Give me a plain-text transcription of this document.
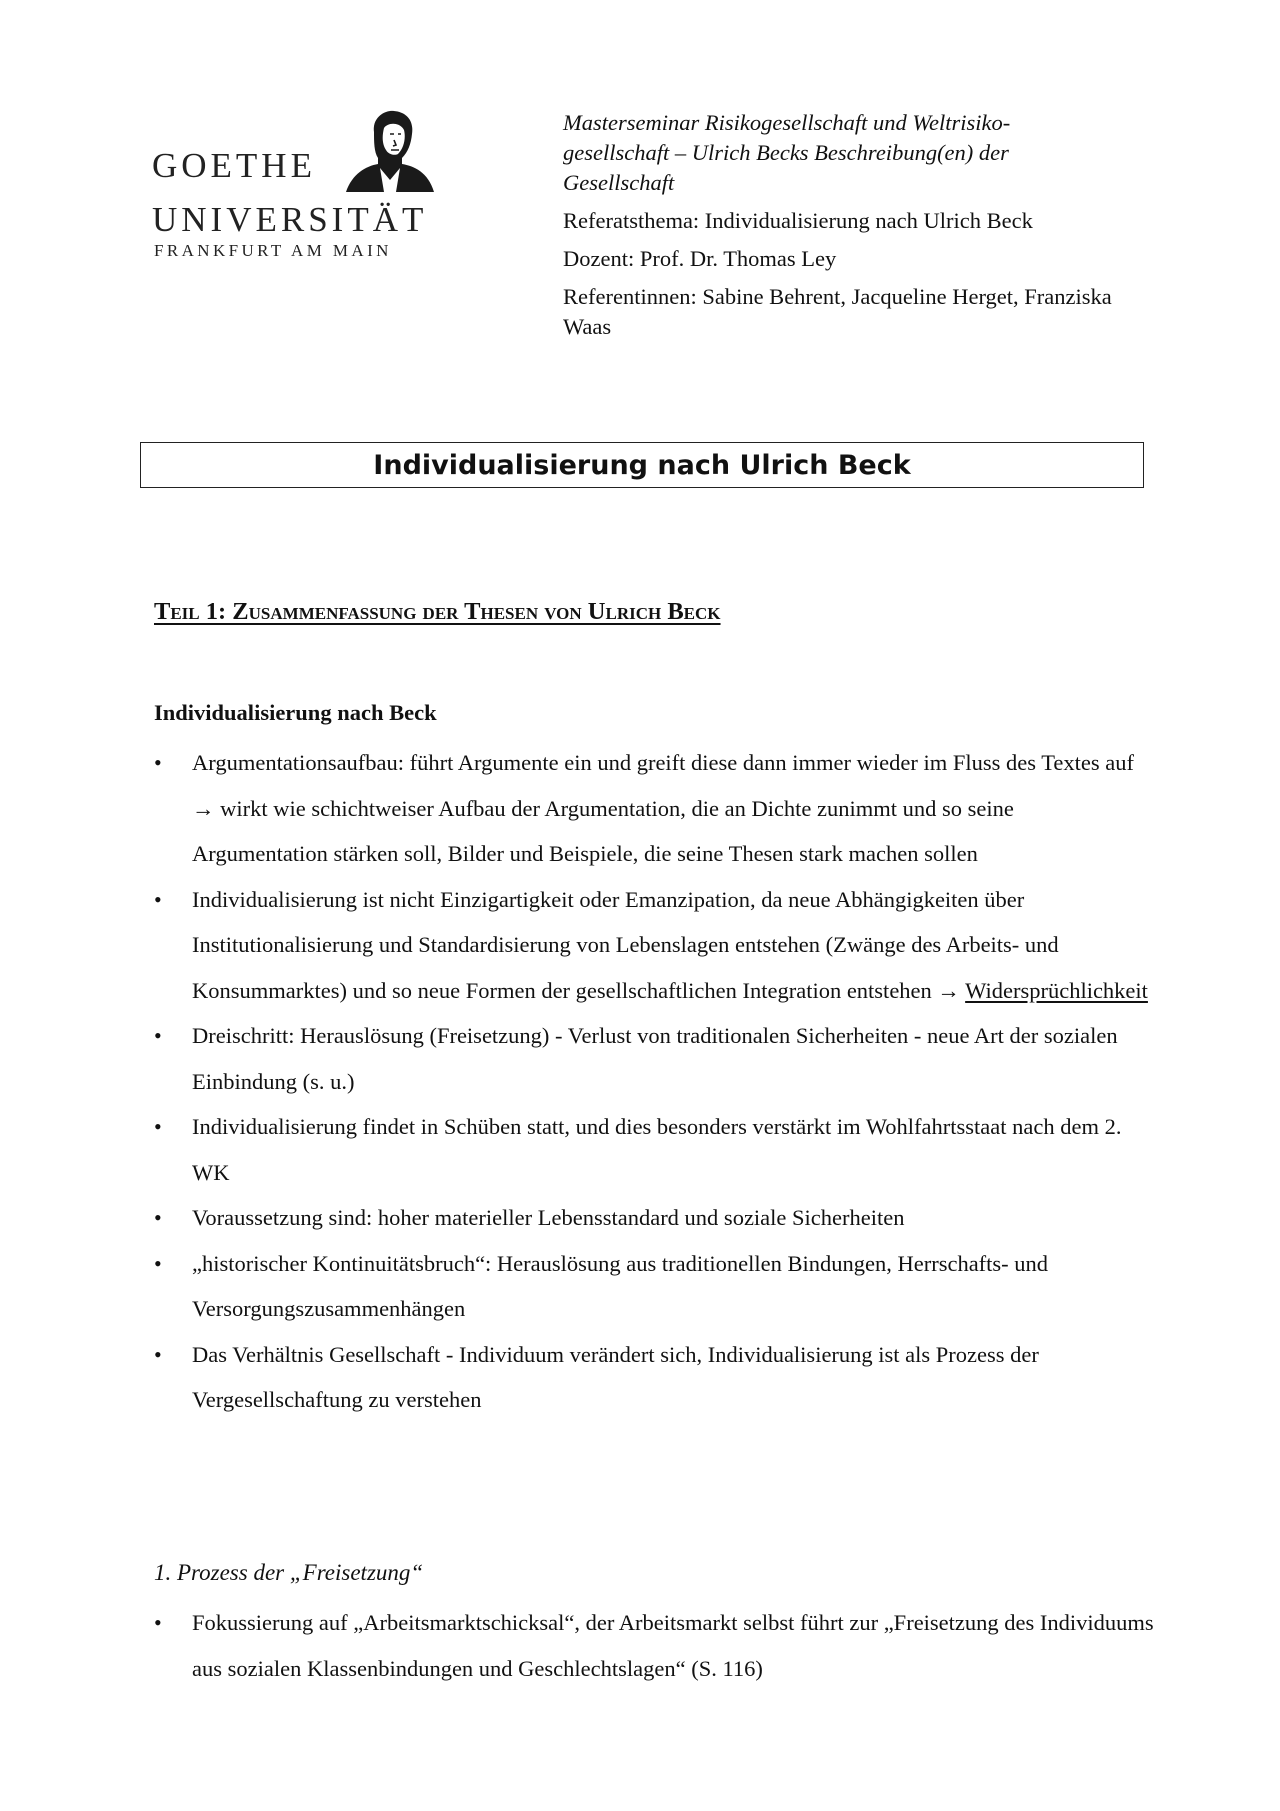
GOETHE
UNIVERSITÄT
FRANKFURT AM MAIN

Masterseminar Risikogesellschaft und Weltrisiko-gesellschaft – Ulrich Becks Beschreibung(en) der Gesellschaft

Referatsthema: Individualisierung nach Ulrich Beck

Dozent: Prof. Dr. Thomas Ley

Referentinnen: Sabine Behrent, Jacqueline Herget, Franziska Waas

Individualisierung nach Ulrich Beck
Teil 1: Zusammenfassung der Thesen von Ulrich Beck
Individualisierung nach Beck
• Argumentationsaufbau: führt Argumente ein und greift diese dann immer wieder im Fluss des Textes auf → wirkt wie schichtweiser Aufbau der Argumentation, die an Dichte zunimmt und so seine Argumentation stärken soll, Bilder und Beispiele, die seine Thesen stark machen sollen
• Individualisierung ist nicht Einzigartigkeit oder Emanzipation, da neue Abhängigkeiten über Institutionalisierung und Standardisierung von Lebenslagen entstehen (Zwänge des Arbeits- und Konsummarktes) und so neue Formen der gesellschaftlichen Integration entstehen → Widersprüchlichkeit
• Dreischritt: Herauslösung (Freisetzung) - Verlust von traditionalen Sicherheiten - neue Art der sozialen Einbindung (s. u.)
• Individualisierung findet in Schüben statt, und dies besonders verstärkt im Wohlfahrtsstaat nach dem 2. WK
• Voraussetzung sind: hoher materieller Lebensstandard und soziale Sicherheiten
• „historischer Kontinuitätsbruch“: Herauslösung aus traditionellen Bindungen, Herrschafts- und Versorgungszusammenhängen
• Das Verhältnis Gesellschaft - Individuum verändert sich, Individualisierung ist als Prozess der Vergesellschaftung zu verstehen
1. Prozess der „Freisetzung“
• Fokussierung auf „Arbeitsmarktschicksal“, der Arbeitsmarkt selbst führt zur „Freisetzung des Individuums aus sozialen Klassenbindungen und Geschlechtslagen“ (S. 116)
